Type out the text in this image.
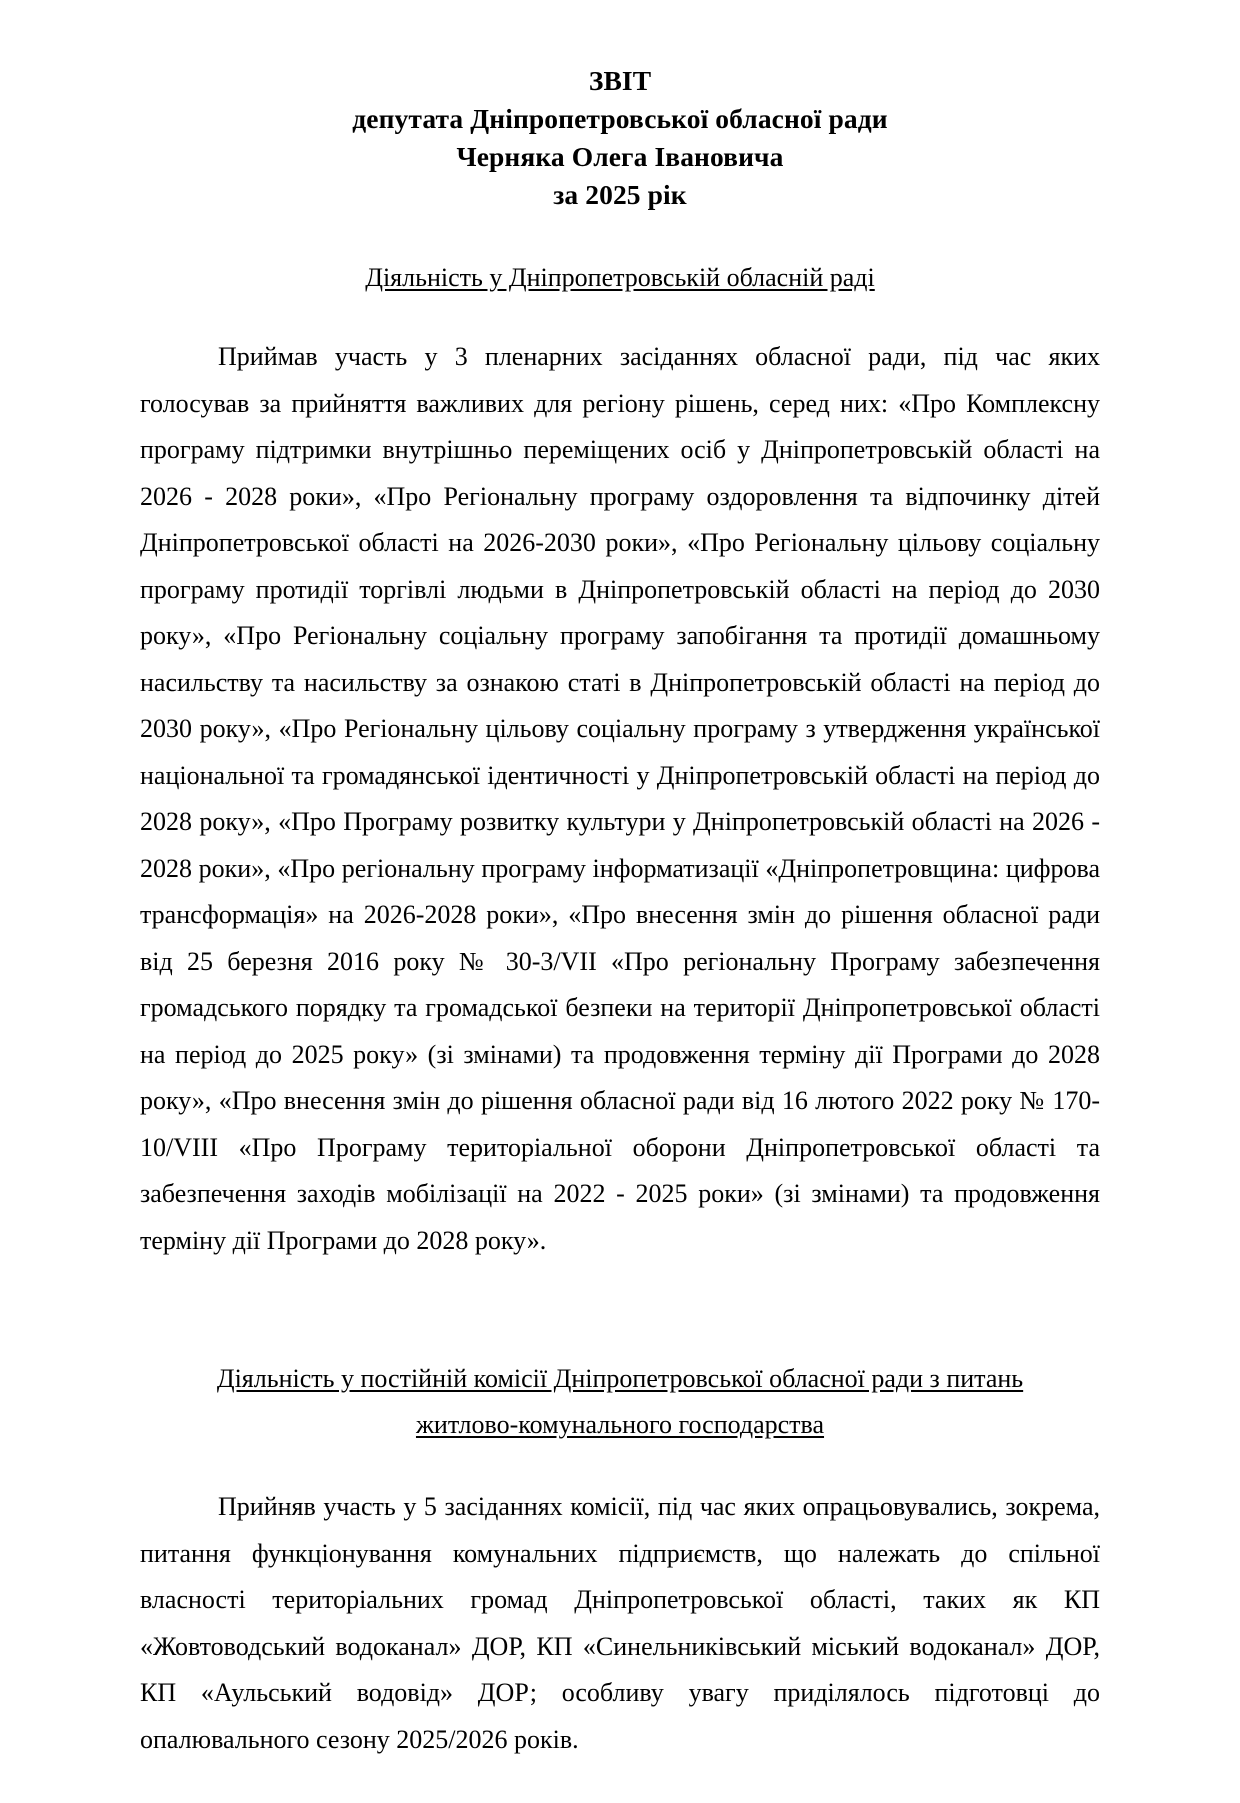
ЗВІТ
депутата Дніпропетровської обласної ради
Черняка Олега Івановича
за 2025 рік
Діяльність у Дніпропетровській обласній раді

Приймав участь у 3 пленарних засіданнях обласної ради, під час яких голосував за прийняття важливих для регіону рішень, серед них: «Про Комплексну програму підтримки внутрішньо переміщених осіб у Дніпропетровській області на 2026 - 2028 роки», «Про Регіональну програму оздоровлення та відпочинку дітей Дніпропетровської області на 2026-2030 роки», «Про Регіональну цільову соціальну програму протидії торгівлі людьми в Дніпропетровській області на період до 2030 року», «Про Регіональну соціальну програму запобігання та протидії домашньому насильству та насильству за ознакою статі в Дніпропетровській області на період до 2030 року», «Про Регіональну цільову соціальну програму з утвердження української національної та громадянської ідентичності у Дніпропетровській області на період до 2028 року», «Про Програму розвитку культури у Дніпропетровській області на 2026 - 2028 роки», «Про регіональну програму інформатизації «Дніпропетровщина: цифрова трансформація» на 2026-2028 роки», «Про внесення змін до рішення обласної ради від 25 березня 2016 року № 30-3/VII «Про регіональну Програму забезпечення громадського порядку та громадської безпеки на території Дніпропетровської області на період до 2025 року» (зі змінами) та продовження терміну дії Програми до 2028 року», «Про внесення змін до рішення обласної ради від 16 лютого 2022 року № 170-10/VIII «Про Програму територіальної оборони Дніпропетровської області та забезпечення заходів мобілізації на 2022 - 2025 роки» (зі змінами) та продовження терміну дії Програми до 2028 року».

Діяльність у постійній комісії Дніпропетровської обласної ради з питань
житлово-комунального господарства

Прийняв участь у 5 засіданнях комісії, під час яких опрацьовувались, зокрема, питання функціонування комунальних підприємств, що належать до спільної власності територіальних громад Дніпропетровської області, таких як КП «Жовтоводський водоканал» ДОР, КП «Синельниківський міський водоканал» ДОР, КП «Аульський водовід» ДОР; особливу увагу приділялось підготовці до опалювального сезону 2025/2026 років.
